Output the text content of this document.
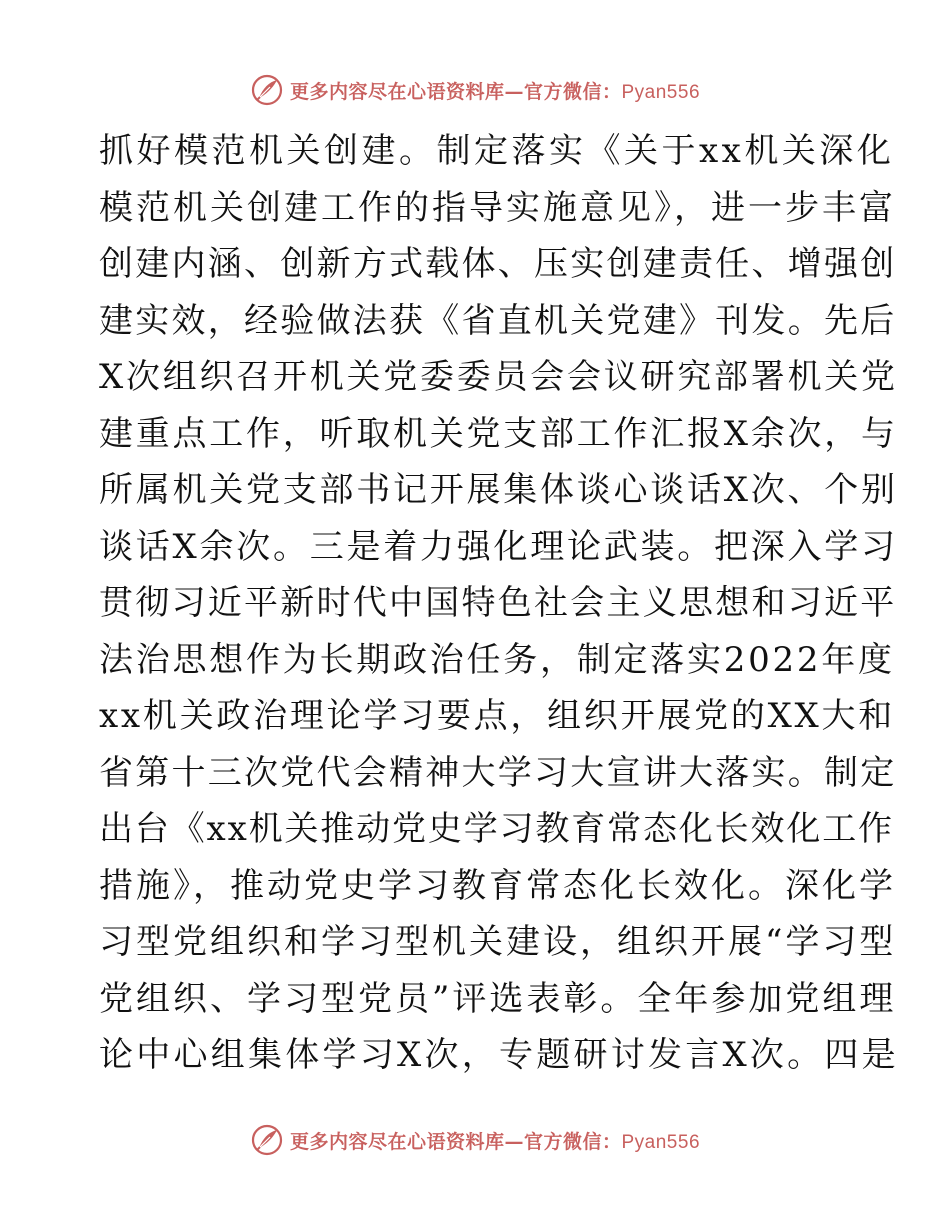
更多内容尽在心语资料库—官方微信：Pyan556
抓好模范机关创建。制定落实《关于xx机关深化
模范机关创建工作的指导实施意见》，进一步丰富
创建内涵、创新方式载体、压实创建责任、增强创
建实效，经验做法获《省直机关党建》刊发。先后
X次组织召开机关党委委员会会议研究部署机关党
建重点工作，听取机关党支部工作汇报X余次，与
所属机关党支部书记开展集体谈心谈话X次、个别
谈话X余次。三是着力强化理论武装。把深入学习
贯彻习近平新时代中国特色社会主义思想和习近平
法治思想作为长期政治任务，制定落实2022年度
xx机关政治理论学习要点，组织开展党的XX大和
省第十三次党代会精神大学习大宣讲大落实。制定
出台《xx机关推动党史学习教育常态化长效化工作
措施》，推动党史学习教育常态化长效化。深化学
习型党组织和学习型机关建设，组织开展“学习型
党组织、学习型党员”评选表彰。全年参加党组理
论中心组集体学习X次，专题研讨发言X次。四是
更多内容尽在心语资料库—官方微信：Pyan556
